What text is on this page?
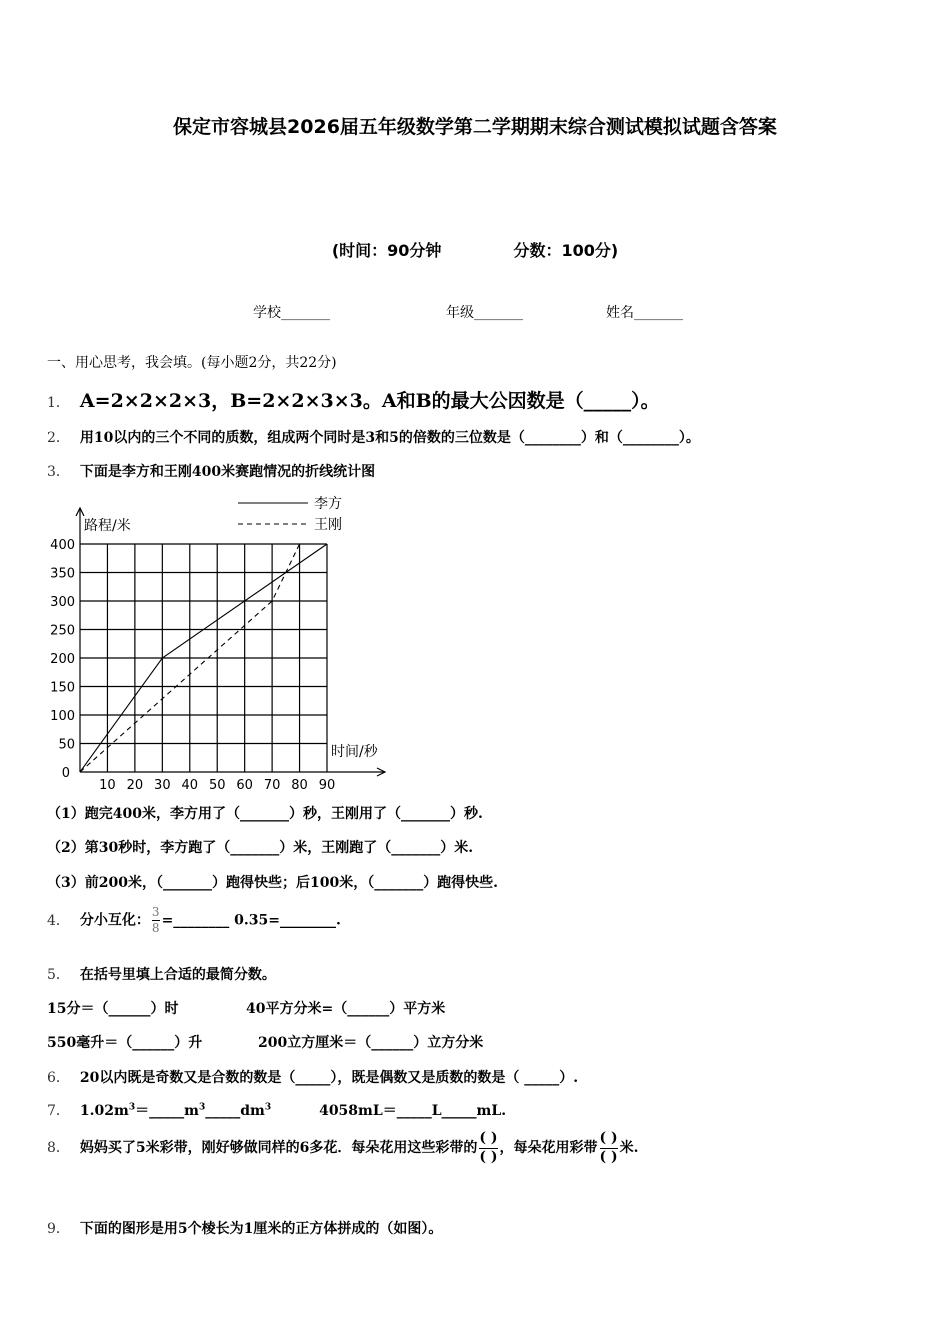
保定市容城县2026届五年级数学第二学期期末综合测试模拟试题含答案
(时间：90分钟	分数：100分)
学校_______	年级_______	姓名_______
一、用心思考，我会填。(每小题2分，共22分)
1． A=2×2×2×3，B=2×2×3×3。A和B的最大公因数是（_____）。
2． 用10以内的三个不同的质数，组成两个同时是3和5的倍数的三位数是（________）和（________）。
3． 下面是李方和王刚400米赛跑情况的折线统计图
10 20 30 40 50 60 70 80 90
50
100
150
200
250
300
350
400
0
路程/米
时间/秒
李方
王刚
（1）跑完400米，李方用了（_______）秒，王刚用了（_______）秒.
（2）第30秒时，李方跑了（_______）米，王刚跑了（_______）米.
（3）前200米，（_______）跑得快些；后100米，（_______）跑得快些.
4． 分小互化： $\frac{3}{8}$ =________ 0.35=________.
5． 在括号里填上合适的最简分数。
15分＝（______）时	40平方分米=（______）平方米
550毫升＝（______）升	200立方厘米＝（______）立方分米
6． 20以内既是奇数又是合数的数是（_____），既是偶数又是质数的数是（ _____）.
7． $1.02m^3=\_\_\_\_\_m^3\_\_\_\_\_dm^3$	4058mL＝_____L_____mL.
8． 妈妈买了5米彩带，刚好够做同样的6多花．每朵花用这些彩带的 $\frac{( )}{( )}$ ，每朵花用彩带 $\frac{( )}{( )}$ 米.
9． 下面的图形是用5个棱长为1厘米的正方体拼成的（如图）。
